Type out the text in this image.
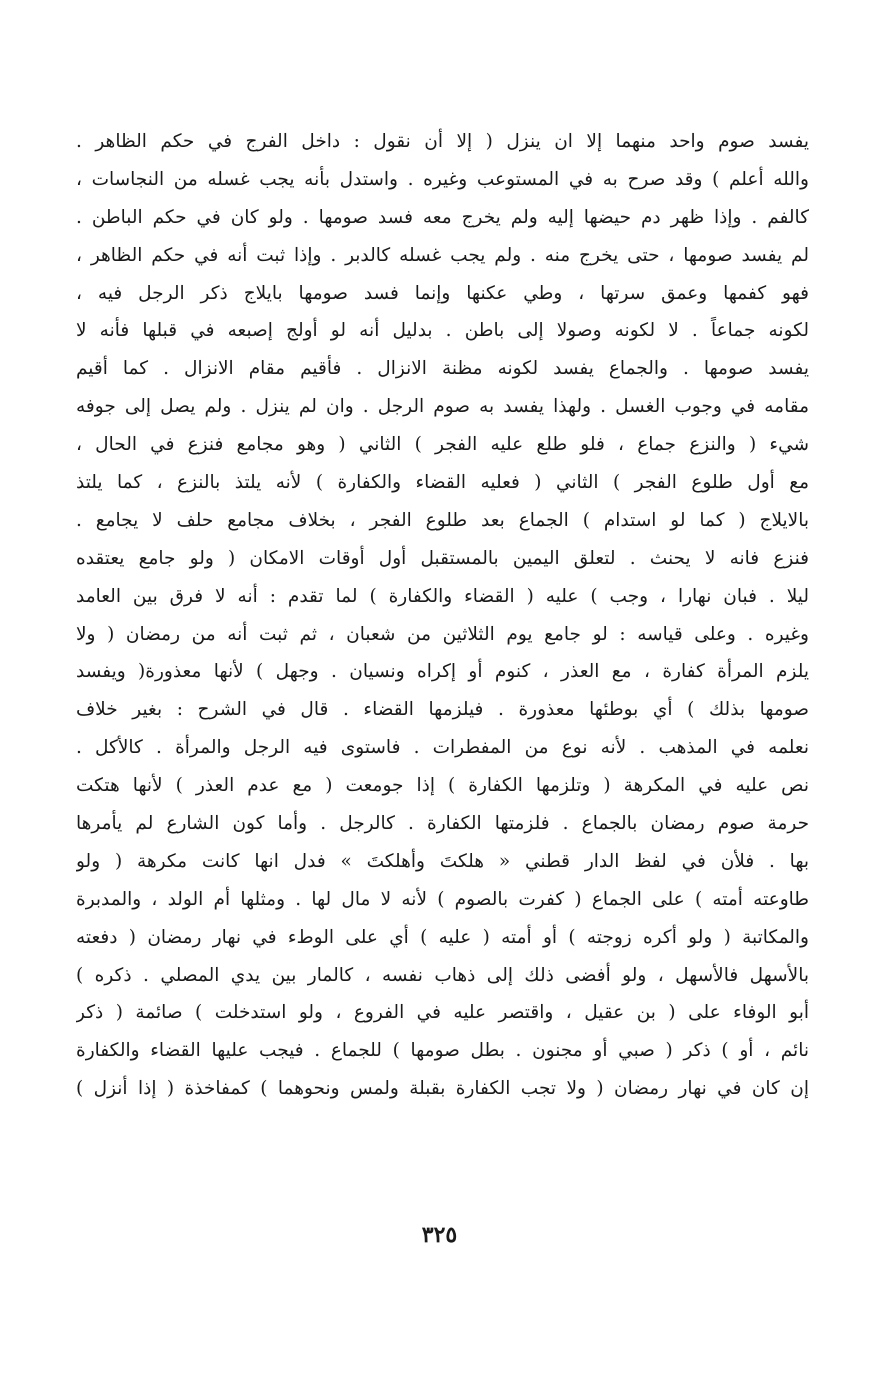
يفسد صوم واحد منهما إلا ان ينزل ( إلا أن نقول : داخل الفرج في حكم الظاهر .
والله أعلم ) وقد صرح به في المستوعب وغيره . واستدل بأنه يجب غسله من النجاسات ،
كالفم . وإذا ظهر دم حيضها إليه ولم يخرج معه فسد صومها . ولو كان في حكم الباطن .
لم يفسد صومها ، حتى يخرج منه . ولم يجب غسله كالدبر . وإذا ثبت أنه في حكم الظاهر ،
فهو كفمها وعمق سرتها ، وطي عكنها وإنما فسد صومها بايلاج ذكر الرجل فيه ،
لكونه جماعاً . لا لكونه وصولا إلى باطن . بدليل أنه لو أولج إصبعه في قبلها فأنه لا
يفسد صومها . والجماع يفسد لكونه مظنة الانزال . فأقيم مقام الانزال . كما أقيم
مقامه في وجوب الغسل . ولهذا يفسد به صوم الرجل . وان لم ينزل . ولم يصل إلى جوفه
شيء ( والنزع جماع ، فلو طلع عليه الفجر ) الثاني ( وهو مجامع فنزع في الحال ،
مع أول طلوع الفجر ) الثاني ( فعليه القضاء والكفارة ) لأنه يلتذ بالنزع ، كما يلتذ
بالايلاج ( كما لو استدام ) الجماع بعد طلوع الفجر ، بخلاف مجامع حلف لا يجامع .
فنزع فانه لا يحنث . لتعلق اليمين بالمستقبل أول أوقات الامكان ( ولو جامع يعتقده
ليلا . فبان نهارا ، وجب ) عليه ( القضاء والكفارة ) لما تقدم : أنه لا فرق بين العامد
وغيره . وعلى قياسه : لو جامع يوم الثلاثين من شعبان ، ثم ثبت أنه من رمضان ( ولا
يلزم المرأة كفارة ، مع العذر ، كنوم أو إكراه ونسيان . وجهل ) لأنها معذورة( ويفسد
صومها بذلك ) أي بوطئها معذورة . فيلزمها القضاء . قال في الشرح : بغير خلاف
نعلمه في المذهب . لأنه نوع من المفطرات . فاستوى فيه الرجل والمرأة . كالأكل .
نص عليه في المكرهة ( وتلزمها الكفارة ) إذا جومعت ( مع عدم العذر ) لأنها هتكت
حرمة صوم رمضان بالجماع . فلزمتها الكفارة . كالرجل . وأما كون الشارع لم يأمرها
بها . فلأن في لفظ الدار قطني « هلكتَ وأهلكتَ » فدل انها كانت مكرهة ( ولو
طاوعته أمته ) على الجماع ( كفرت بالصوم ) لأنه لا مال لها . ومثلها أم الولد ، والمدبرة
والمكاتبة ( ولو أكره زوجته ) أو أمته ( عليه ) أي على الوطء في نهار رمضان ( دفعته
بالأسهل فالأسهل ، ولو أفضى ذلك إلى ذهاب نفسه ، كالمار بين يدي المصلي . ذكره )
أبو الوفاء على ( بن عقيل ، واقتصر عليه في الفروع ، ولو استدخلت ) صائمة ( ذكر
نائم ، أو ) ذكر ( صبي أو مجنون . بطل صومها ) للجماع . فيجب عليها القضاء والكفارة
إن كان في نهار رمضان ( ولا تجب الكفارة بقبلة ولمس ونحوهما ) كمفاخذة ( إذا أنزل )
٣٢٥
